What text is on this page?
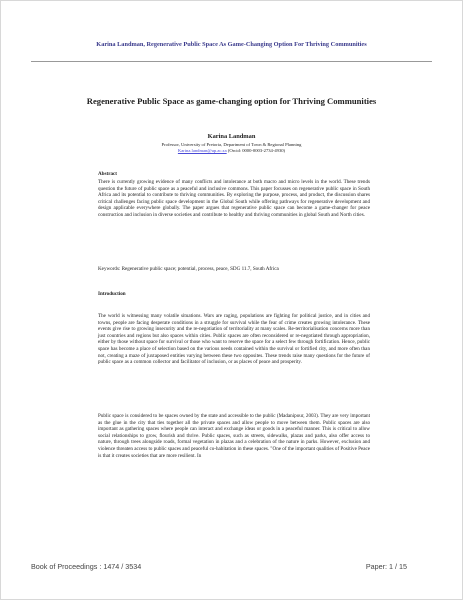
Karina Landman, Regenerative Public Space As Game-Changing Option For Thriving Communities
Regenerative Public Space as game-changing option for Thriving Communities
Karina Landman
Professor, University of Pretoria, Department of Town & Regional Planning
Karina.landman@up.ac.za (Orcid: 0000-0003-2734-4930)
Abstract
There is currently growing evidence of many conflicts and intolerance at both macro and micro levels in the world. These trends question the future of public space as a peaceful and inclusive commons. This paper focusses on regenerative public space in South Africa and its potential to contribute to thriving communities. By exploring the purpose, process, and product, the discussion shares critical challenges facing public space development in the Global South while offering pathways for regenerative development and design applicable everywhere globally. The paper argues that regenerative public space can become a game-changer for peace construction and inclusion in diverse societies and contribute to healthy and thriving communities in global South and North cities.
Keywords: Regenerative public space; potential, process, peace, SDG 11.7, South Africa
Introduction
The world is witnessing many volatile situations. Wars are raging, populations are fighting for political justice, and in cities and towns, people are facing desperate conditions in a struggle for survival while the fear of crime creates growing intolerance. These events give rise to growing insecurity and the re-negotiation of territoriality at many scales. Re-territorialisation concerns more than just countries and regions but also spaces within cities. Public spaces are often reconsidered or re-negotiated through appropriation, either by those without space for survival or those who want to reserve the space for a select few through fortification. Hence, public space has become a place of selection based on the various needs contained within the survival or fortified city, and more often than not, creating a maze of juxtaposed entities varying between these two opposites. These trends raise many questions for the future of public space as a common collector and facilitator of inclusion, or as places of peace and prosperity.
Public space is considered to be spaces owned by the state and accessible to the public (Madanipour, 2003). They are very important as the glue in the city that ties together all the private spaces and allow people to move between them. Public spaces are also important as gathering spaces where people can interact and exchange ideas or goods in a peaceful manner. This is critical to allow social relationships to grow, flourish and thrive. Public spaces, such as streets, sidewalks, plazas and parks, also offer access to nature, through trees alongside roads, formal vegetation in plazas and a celebration of the nature in parks. However, exclusion and violence threaten access to public spaces and peaceful co-habitation in these spaces. "One of the important qualities of Positive Peace is that it creates societies that are more resilient. In
Book of Proceedings : 1474 / 3534	Paper: 1 / 15
